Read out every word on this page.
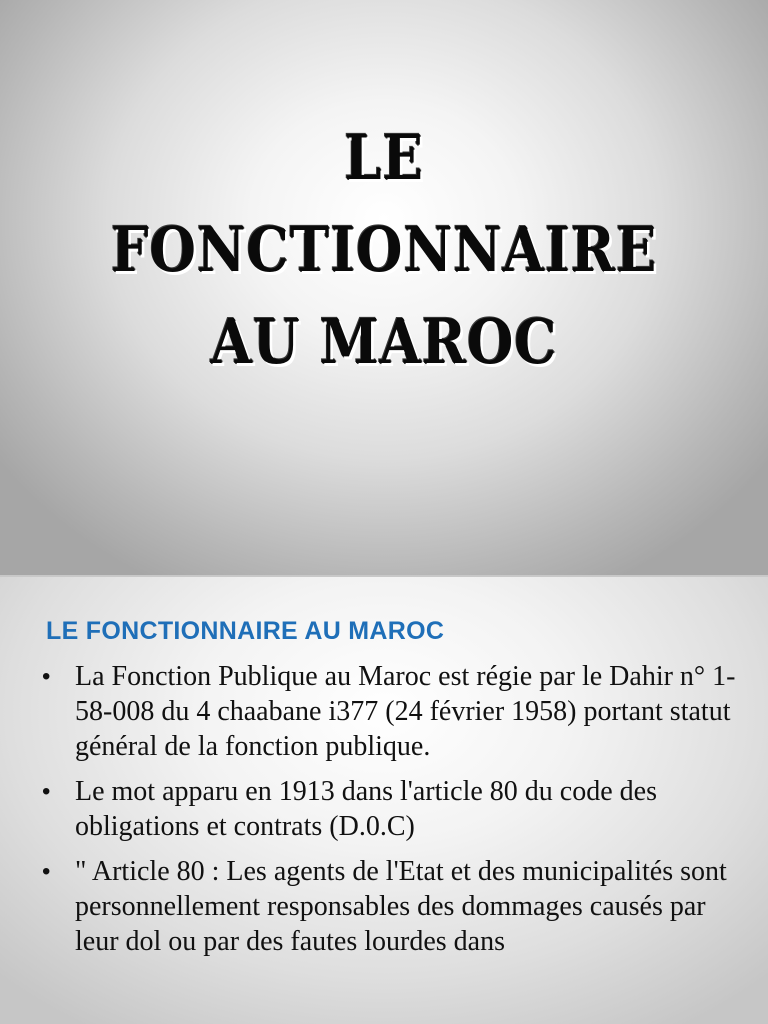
LE
FONCTIONNAIRE
AU MAROC
LE FONCTIONNAIRE AU MAROC
• La Fonction Publique au Maroc est régie par le Dahir n° 1-58-008 du 4 chaabane i377 (24 février 1958) portant statut général de la fonction publique.
• Le mot apparu en 1913 dans l'article 80 du code des obligations et contrats (D.0.C)
• " Article 80 : Les agents de l'Etat et des municipalités sont personnellement responsables des dommages causés par leur dol ou par des fautes lourdes dans
